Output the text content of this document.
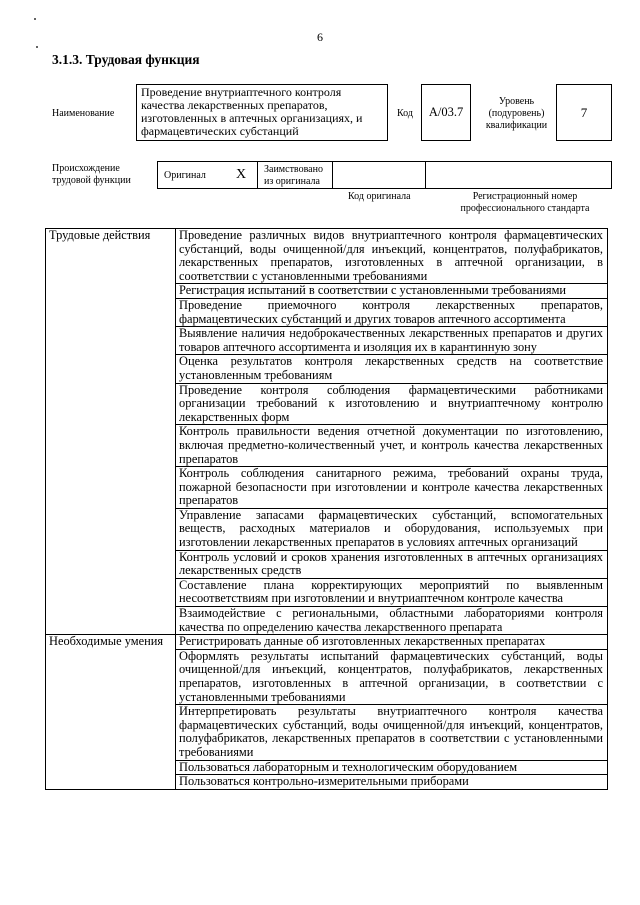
6
3.1.3. Трудовая функция
Наименование
Проведение внутриаптечного контроля качества лекарственных препаратов, изготовленных в аптечных организациях, и фармацевтических субстанций
Код	А/03.7
Уровень (подуровень) квалификации
7
Происхождение трудовой функции	Оригинал X	Заимствовано из оригинала
Код оригинала	Регистрационный номер профессионального стандарта
Трудовые действия	Проведение различных видов внутриаптечного контроля фармацевтических субстанций, воды очищенной/для инъекций, концентратов, полуфабрикатов, лекарственных препаратов, изготовленных в аптечной организации, в соответствии с установленными требованиями
	Регистрация испытаний в соответствии с установленными требованиями
	Проведение приемочного контроля лекарственных препаратов, фармацевтических субстанций и других товаров аптечного ассортимента
	Выявление наличия недоброкачественных лекарственных препаратов и других товаров аптечного ассортимента и изоляция их в карантинную зону
	Оценка результатов контроля лекарственных средств на соответствие установленным требованиям
	Проведение контроля соблюдения фармацевтическими работниками организации требований к изготовлению и внутриаптечному контролю лекарственных форм
	Контроль правильности ведения отчетной документации по изготовлению, включая предметно-количественный учет, и контроль качества лекарственных препаратов
	Контроль соблюдения санитарного режима, требований охраны труда, пожарной безопасности при изготовлении и контроле качества лекарственных препаратов
	Управление запасами фармацевтических субстанций, вспомогательных веществ, расходных материалов и оборудования, используемых при изготовлении лекарственных препаратов в условиях аптечных организаций
	Контроль условий и сроков хранения изготовленных в аптечных организациях лекарственных средств
	Составление плана корректирующих мероприятий по выявленным несоответствиям при изготовлении и внутриаптечном контроле качества
	Взаимодействие с региональными, областными лабораториями контроля качества по определению качества лекарственного препарата
Необходимые умения	Регистрировать данные об изготовленных лекарственных препаратах
	Оформлять результаты испытаний фармацевтических субстанций, воды очищенной/для инъекций, концентратов, полуфабрикатов, лекарственных препаратов, изготовленных в аптечной организации, в соответствии с установленными требованиями
	Интерпретировать результаты внутриаптечного контроля качества фармацевтических субстанций, воды очищенной/для инъекций, концентратов, полуфабрикатов, лекарственных препаратов в соответствии с установленными требованиями
	Пользоваться лабораторным и технологическим оборудованием
	Пользоваться контрольно-измерительными приборами
